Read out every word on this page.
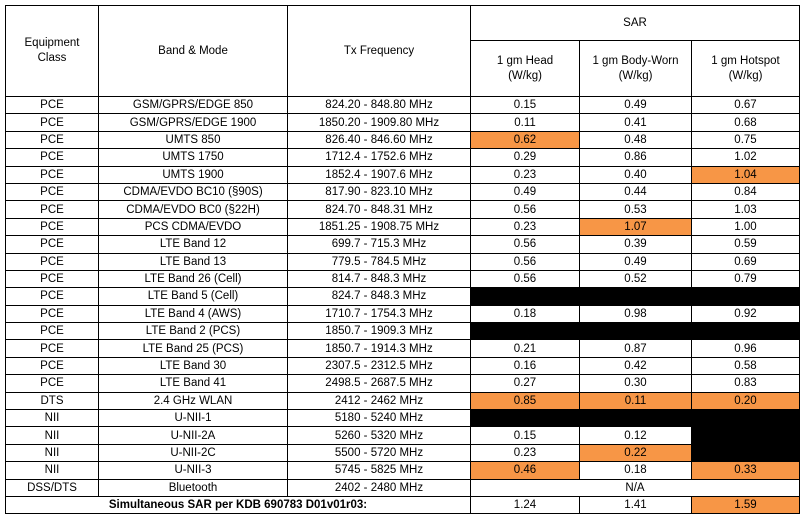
Equipment Class	Band & Mode	Tx Frequency	SAR		
			1 gm Head (W/kg)	1 gm Body-Worn (W/kg)	1 gm Hotspot (W/kg)
PCE	GSM/GPRS/EDGE 850	824.20 - 848.80 MHz	0.15	0.49	0.67
PCE	GSM/GPRS/EDGE 1900	1850.20 - 1909.80 MHz	0.11	0.41	0.68
PCE	UMTS 850	826.40 - 846.60 MHz	0.62	0.48	0.75
PCE	UMTS 1750	1712.4 - 1752.6 MHz	0.29	0.86	1.02
PCE	UMTS 1900	1852.4 - 1907.6 MHz	0.23	0.40	1.04
PCE	CDMA/EVDO BC10 (§90S)	817.90 - 823.10 MHz	0.49	0.44	0.84
PCE	CDMA/EVDO BC0 (§22H)	824.70 - 848.31 MHz	0.56	0.53	1.03
PCE	PCS CDMA/EVDO	1851.25 - 1908.75 MHz	0.23	1.07	1.00
PCE	LTE Band 12	699.7 - 715.3 MHz	0.56	0.39	0.59
PCE	LTE Band 13	779.5 - 784.5 MHz	0.56	0.49	0.69
PCE	LTE Band 26 (Cell)	814.7 - 848.3 MHz	0.56	0.52	0.79
PCE	LTE Band 5 (Cell)	824.7 - 848.3 MHz			
PCE	LTE Band 4 (AWS)	1710.7 - 1754.3 MHz	0.18	0.98	0.92
PCE	LTE Band 2 (PCS)	1850.7 - 1909.3 MHz			
PCE	LTE Band 25 (PCS)	1850.7 - 1914.3 MHz	0.21	0.87	0.96
PCE	LTE Band 30	2307.5 - 2312.5 MHz	0.16	0.42	0.58
PCE	LTE Band 41	2498.5 - 2687.5 MHz	0.27	0.30	0.83
DTS	2.4 GHz WLAN	2412 - 2462 MHz	0.85	0.11	0.20
NII	U-NII-1	5180 - 5240 MHz			
NII	U-NII-2A	5260 - 5320 MHz	0.15	0.12	
NII	U-NII-2C	5500 - 5720 MHz	0.23	0.22	
NII	U-NII-3	5745 - 5825 MHz	0.46	0.18	0.33
DSS/DTS	Bluetooth	2402 - 2480 MHz	N/A		
Simultaneous SAR per KDB 690783 D01v01r03:			1.24	1.41	1.59
